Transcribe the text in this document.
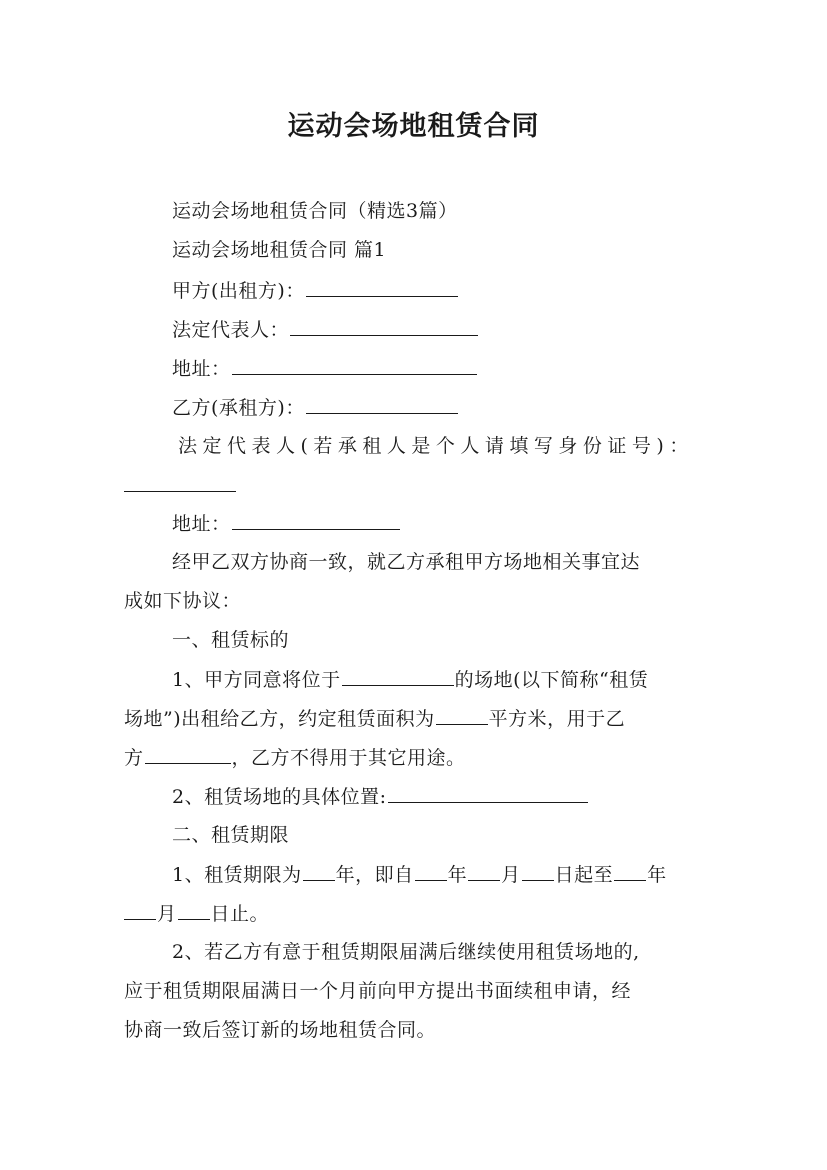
运动会场地租赁合同
运动会场地租赁合同（精选3篇）
运动会场地租赁合同 篇1
甲方(出租方)：
法定代表人：
地址：
乙方(承租方)：
法定代表人(若承租人是个人请填写身份证号)：
地址：
经甲乙双方协商一致，就乙方承租甲方场地相关事宜达
成如下协议：
一、租赁标的
1、甲方同意将位于	的场地(以下简称“租赁
场地”)出租给乙方，约定租赁面积为	平方米，用于乙
方	，乙方不得用于其它用途。
2、租赁场地的具体位置:
二、租赁期限
1、租赁期限为 年，即自 年 月 日起至 年
月 日止。
2、若乙方有意于租赁期限届满后继续使用租赁场地的,
应于租赁期限届满日一个月前向甲方提出书面续租申请，经
协商一致后签订新的场地租赁合同。
